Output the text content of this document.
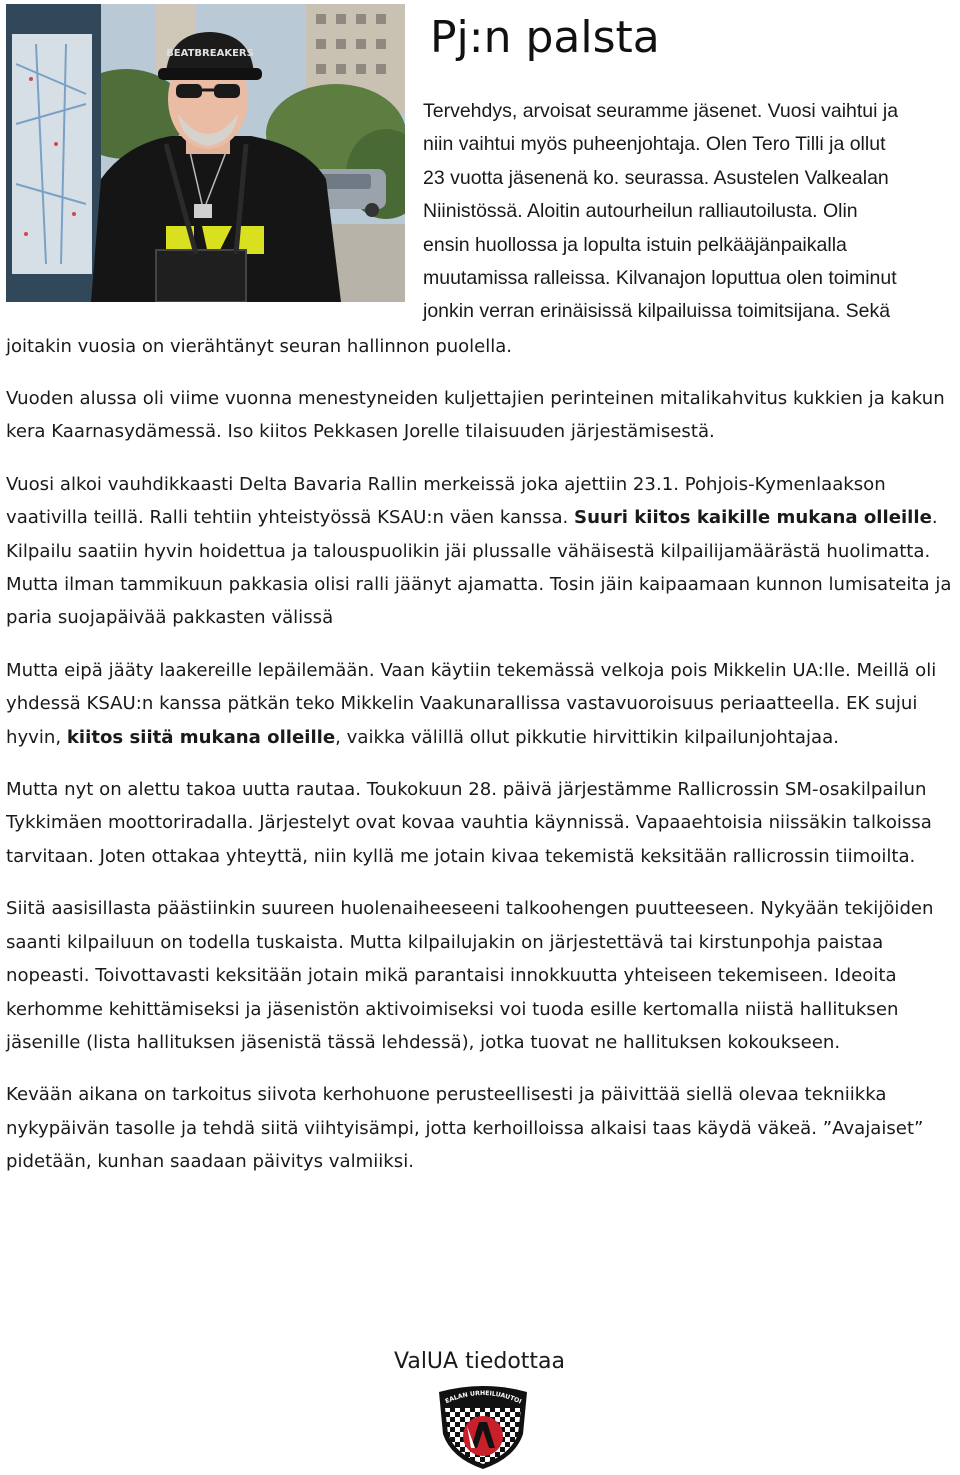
BEATBREAKERS	Pj:n palsta
Tervehdys, arvoisat seuramme jäsenet. Vuosi vaihtui ja
niin vaihtui myös puheenjohtaja. Olen Tero Tilli ja ollut
23 vuotta jäsenenä ko. seurassa. Asustelen Valkealan
Niinistössä. Aloitin autourheilun ralliautoilusta. Olin
ensin huollossa ja lopulta istuin pelkääjänpaikalla
muutamissa ralleissa. Kilvanajon loputtua olen toiminut
jonkin verran erinäisissä kilpailuissa toimitsijana. Sekä
joitakin vuosia on vierähtänyt seuran hallinnon puolella.

Vuoden alussa oli viime vuonna menestyneiden kuljettajien perinteinen mitalikahvitus kukkien ja kakun kera Kaarnasydämessä. Iso kiitos Pekkasen Jorelle tilaisuuden järjestämisestä.

Vuosi alkoi vauhdikkaasti Delta Bavaria Rallin merkeissä joka ajettiin 23.1. Pohjois-Kymenlaakson vaativilla teillä. Ralli tehtiin yhteistyössä KSAU:n väen kanssa. Suuri kiitos kaikille mukana olleille. Kilpailu saatiin hyvin hoidettua ja talouspuolikin jäi plussalle vähäisestä kilpailijamäärästä huolimatta. Mutta ilman tammikuun pakkasia olisi ralli jäänyt ajamatta. Tosin jäin kaipaamaan kunnon lumisateita ja paria suojapäivää pakkasten välissä

Mutta eipä jääty laakereille lepäilemään. Vaan käytiin tekemässä velkoja pois Mikkelin UA:lle. Meillä oli yhdessä KSAU:n kanssa pätkän teko Mikkelin Vaakunarallissa vastavuoroisuus periaatteella. EK sujui hyvin, kiitos siitä mukana olleille, vaikka välillä ollut pikkutie hirvittikin kilpailunjohtajaa.

Mutta nyt on alettu takoa uutta rautaa. Toukokuun 28. päivä järjestämme Rallicrossin SM-osakilpailun Tykkimäen moottoriradalla. Järjestelyt ovat kovaa vauhtia käynnissä. Vapaaehtoisia niissäkin talkoissa tarvitaan. Joten ottakaa yhteyttä, niin kyllä me jotain kivaa tekemistä keksitään rallicrossin tiimoilta.

Siitä aasisillasta päästiinkin suureen huolenaiheeseeni talkoohengen puutteeseen. Nykyään tekijöiden saanti kilpailuun on todella tuskaista. Mutta kilpailujakin on järjestettävä tai kirstunpohja paistaa nopeasti. Toivottavasti keksitään jotain mikä parantaisi innokkuutta yhteiseen tekemiseen. Ideoita kerhomme kehittämiseksi ja jäsenistön aktivoimiseksi voi tuoda esille kertomalla niistä hallituksen jäsenille (lista hallituksen jäsenistä tässä lehdessä), jotka tuovat ne hallituksen kokoukseen.

Kevään aikana on tarkoitus siivota kerhohuone perusteellisesti ja päivittää siellä olevaa tekniikka nykypäivän tasolle ja tehdä siitä viihtyisämpi, jotta kerhoilloissa alkaisi taas käydä väkeä. ”Avajaiset” pidetään, kunhan saadaan päivitys valmiiksi.

ValUA tiedottaa
EALAN URHEILUAUTOI
